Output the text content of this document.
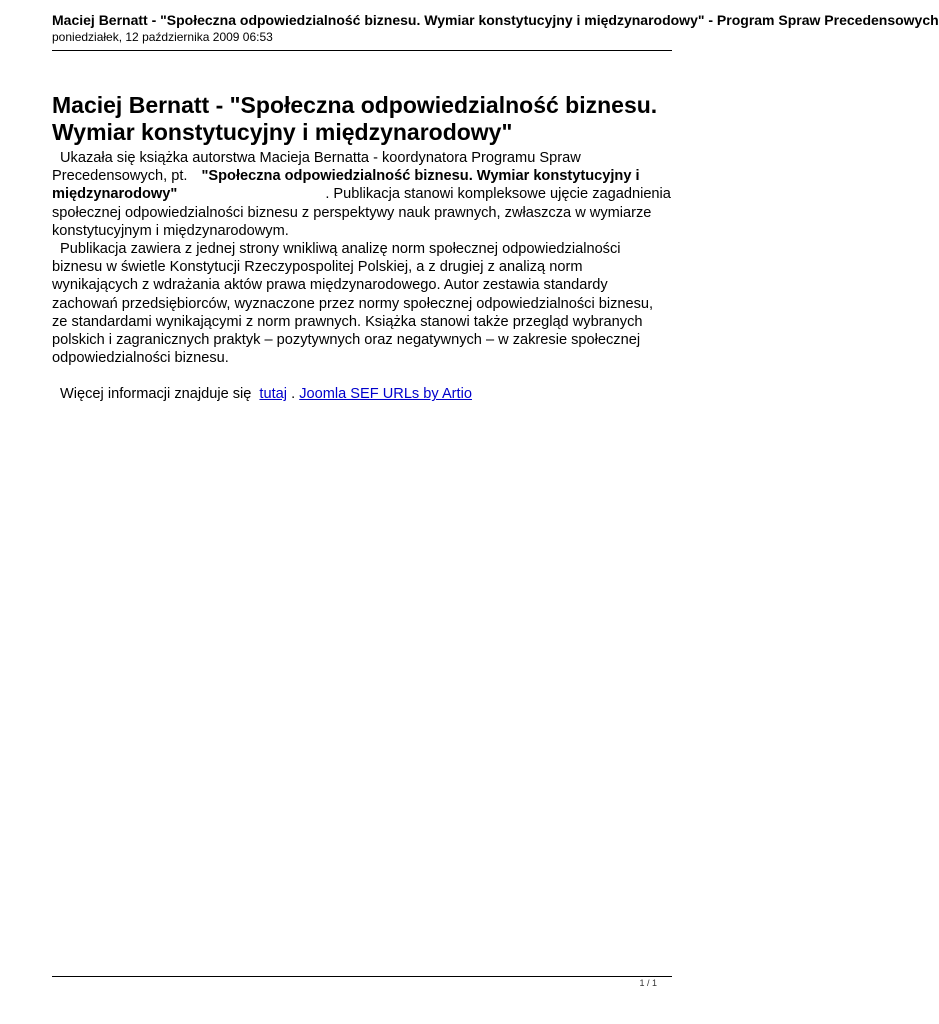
Maciej Bernatt - "Społeczna odpowiedzialność biznesu. Wymiar konstytucyjny i międzynarodowy" - Program Spraw Precedensowych
poniedziałek, 12 października 2009 06:53
Maciej Bernatt - "Społeczna odpowiedzialność biznesu.
Wymiar konstytucyjny i międzynarodowy"

Ukazała się książka autorstwa Macieja Bernatta - koordynatora Programu Spraw Precedensowych, pt. "Społeczna odpowiedzialność biznesu. Wymiar konstytucyjny i międzynarodowy"	. Publikacja stanowi kompleksowe ujęcie zagadnienia społecznej odpowiedzialności biznesu z perspektywy nauk prawnych, zwłaszcza w wymiarze konstytucyjnym i międzynarodowym.

Publikacja zawiera z jednej strony wnikliwą analizę norm społecznej odpowiedzialności biznesu w świetle Konstytucji Rzeczypospolitej Polskiej, a z drugiej z analizą norm wynikających z wdrażania aktów prawa międzynarodowego. Autor zestawia standardy zachowań przedsiębiorców, wyznaczone przez normy społecznej odpowiedzialności biznesu, ze standardami wynikającymi z norm prawnych. Książka stanowi także przegląd wybranych polskich i zagranicznych praktyk – pozytywnych oraz negatywnych – w zakresie społecznej odpowiedzialności biznesu.

Więcej informacji znajduje się tutaj . Joomla SEF URLs by Artio
1 / 1
